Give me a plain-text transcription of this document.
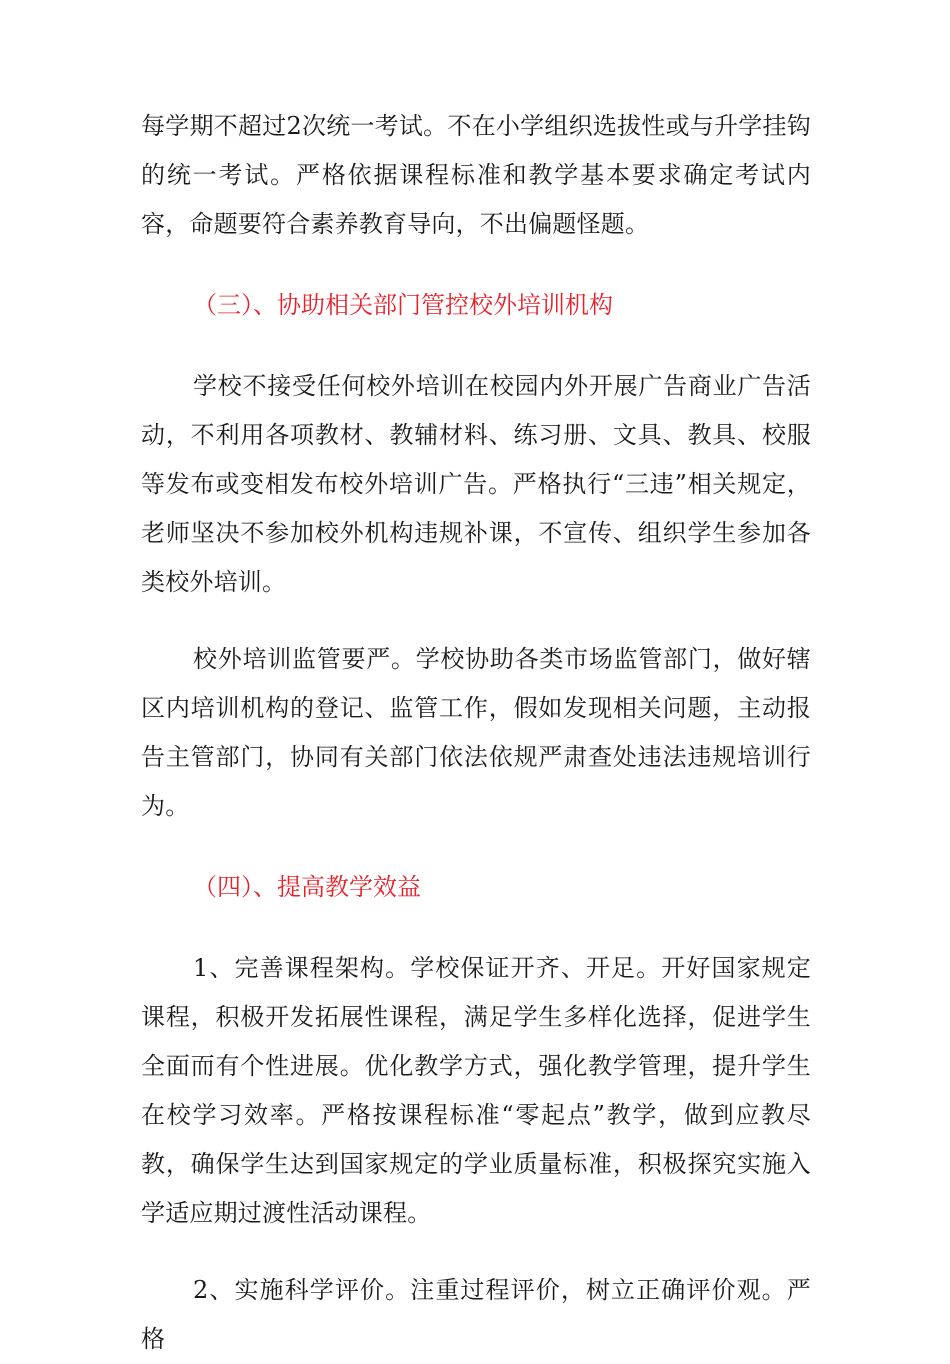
每学期不超过2次统一考试。不在小学组织选拔性或与升学挂钩的统一考试。严格依据课程标准和教学基本要求确定考试内容，命题要符合素养教育导向，不出偏题怪题。

（三）、协助相关部门管控校外培训机构

学校不接受任何校外培训在校园内外开展广告商业广告活动，不利用各项教材、教辅材料、练习册、文具、教具、校服等发布或变相发布校外培训广告。严格执行“三违”相关规定，老师坚决不参加校外机构违规补课，不宣传、组织学生参加各类校外培训。

校外培训监管要严。学校协助各类市场监管部门，做好辖区内培训机构的登记、监管工作，假如发现相关问题，主动报告主管部门，协同有关部门依法依规严肃查处违法违规培训行为。

（四）、提高教学效益

1、完善课程架构。学校保证开齐、开足。开好国家规定课程，积极开发拓展性课程，满足学生多样化选择，促进学生全面而有个性进展。优化教学方式，强化教学管理，提升学生在校学习效率。严格按课程标准“零起点”教学，做到应教尽教，确保学生达到国家规定的学业质量标准，积极探究实施入学适应期过渡性活动课程。

2、实施科学评价。注重过程评价，树立正确评价观。严格
